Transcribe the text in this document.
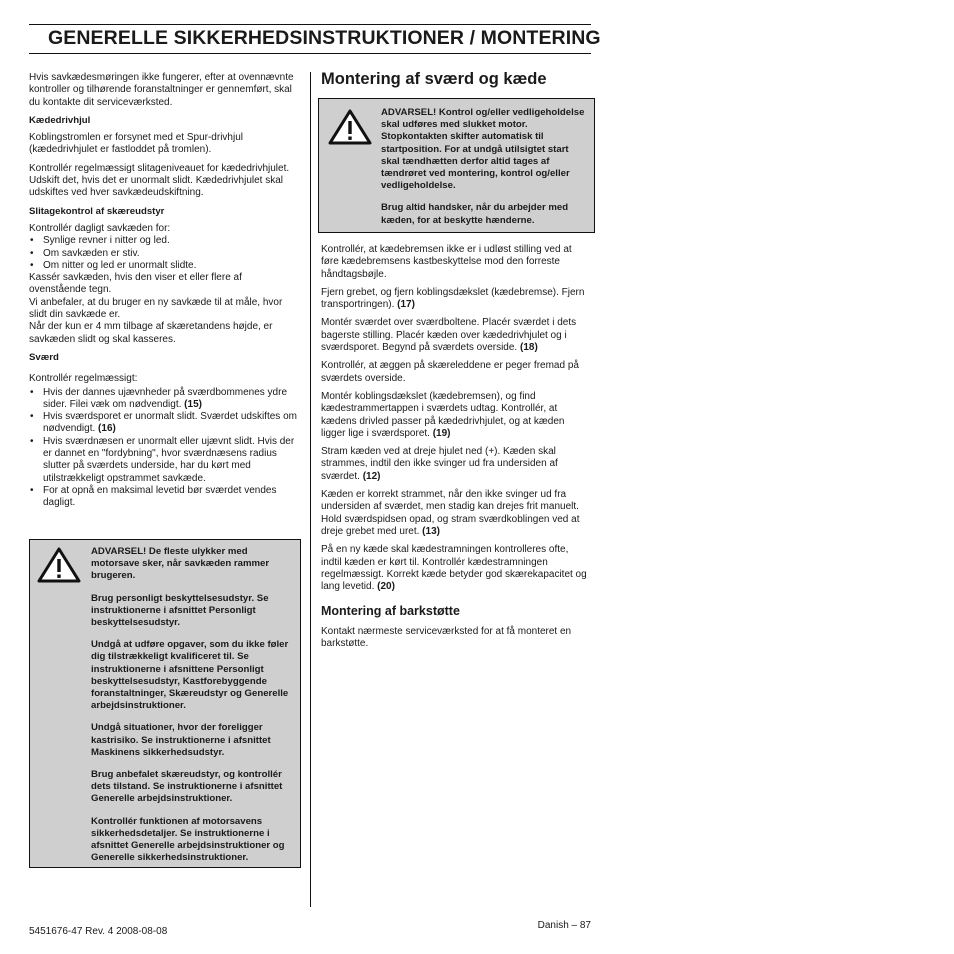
GENERELLE SIKKERHEDSINSTRUKTIONER / MONTERING

Hvis savkædesmøringen ikke fungerer, efter at ovennævnte kontroller og tilhørende foranstaltninger er gennemført, skal du kontakte dit serviceværksted.

Kædedrivhjul

Koblingstromlen er forsynet med et Spur-drivhjul (kædedrivhjulet er fastloddet på tromlen).

Kontrollér regelmæssigt slitageniveauet for kædedrivhjulet. Udskift det, hvis det er unormalt slidt. Kædedrivhjulet skal udskiftes ved hver savkædeudskiftning.

Slitagekontrol af skæreudstyr

Kontrollér dagligt savkæden for:

• Synlige revner i nitter og led.
• Om savkæden er stiv.
• Om nitter og led er unormalt slidte.

Kassér savkæden, hvis den viser et eller flere af ovenstående tegn.

Vi anbefaler, at du bruger en ny savkæde til at måle, hvor slidt din savkæde er.

Når der kun er 4 mm tilbage af skæretandens højde, er savkæden slidt og skal kasseres.

Sværd

Kontrollér regelmæssigt:

• Hvis der dannes ujævnheder på sværdbommenes ydre sider. Filei væk om nødvendigt. (15)
• Hvis sværdsporet er unormalt slidt. Sværdet udskiftes om nødvendigt. (16)
• Hvis sværdnæsen er unormalt eller ujævnt slidt. Hvis der er dannet en "fordybning", hvor sværdnæsens radius slutter på sværdets underside, har du kørt med utilstrækkeligt opstrammet savkæde.
• For at opnå en maksimal levetid bør sværdet vendes dagligt.

ADVARSEL! De fleste ulykker med motorsave sker, når savkæden rammer brugeren.

Brug personligt beskyttelsesudstyr. Se instruktionerne i afsnittet Personligt beskyttelsesudstyr.

Undgå at udføre opgaver, som du ikke føler dig tilstrækkeligt kvalificeret til. Se instruktionerne i afsnittene Personligt beskyttelsesudstyr, Kastforebyggende foranstaltninger, Skæreudstyr og Generelle arbejdsinstruktioner.

Undgå situationer, hvor der foreligger kastrisiko. Se instruktionerne i afsnittet Maskinens sikkerhedsudstyr.

Brug anbefalet skæreudstyr, og kontrollér dets tilstand. Se instruktionerne i afsnittet Generelle arbejdsinstruktioner.

Kontrollér funktionen af motorsavens sikkerhedsdetaljer. Se instruktionerne i afsnittet Generelle arbejdsinstruktioner og Generelle sikkerhedsinstruktioner.

Montering af sværd og kæde

ADVARSEL! Kontrol og/eller vedligeholdelse skal udføres med slukket motor. Stopkontakten skifter automatisk til startposition. For at undgå utilsigtet start skal tændhætten derfor altid tages af tændrøret ved montering, kontrol og/eller vedligeholdelse.

Brug altid handsker, når du arbejder med kæden, for at beskytte hænderne.

Kontrollér, at kædebremsen ikke er i udløst stilling ved at føre kædebremsens kastbeskyttelse mod den forreste håndtagsbøjle.

Fjern grebet, og fjern koblingsdækslet (kædebremse). Fjern transportringen). (17)

Montér sværdet over sværdboltene. Placér sværdet i dets bagerste stilling. Placér kæden over kædedrivhjulet og i sværdsporet. Begynd på sværdets overside. (18)

Kontrollér, at æggen på skæreleddene er peger fremad på sværdets overside.

Montér koblingsdækslet (kædebremsen), og find kædestrammertappen i sværdets udtag. Kontrollér, at kædens drivled passer på kædedrivhjulet, og at kæden ligger lige i sværdsporet. (19)

Stram kæden ved at dreje hjulet ned (+). Kæden skal strammes, indtil den ikke svinger ud fra undersiden af sværdet. (12)

Kæden er korrekt strammet, når den ikke svinger ud fra undersiden af sværdet, men stadig kan drejes frit manuelt. Hold sværdspidsen opad, og stram sværdkoblingen ved at dreje grebet med uret. (13)

På en ny kæde skal kædestramningen kontrolleres ofte, indtil kæden er kørt til. Kontrollér kædestramningen regelmæssigt. Korrekt kæde betyder god skærekapacitet og lang levetid. (20)

Montering af barkstøtte

Kontakt nærmeste serviceværksted for at få monteret en barkstøtte.

5451676-47 Rev. 4 2008-08-08
Danish – 87
